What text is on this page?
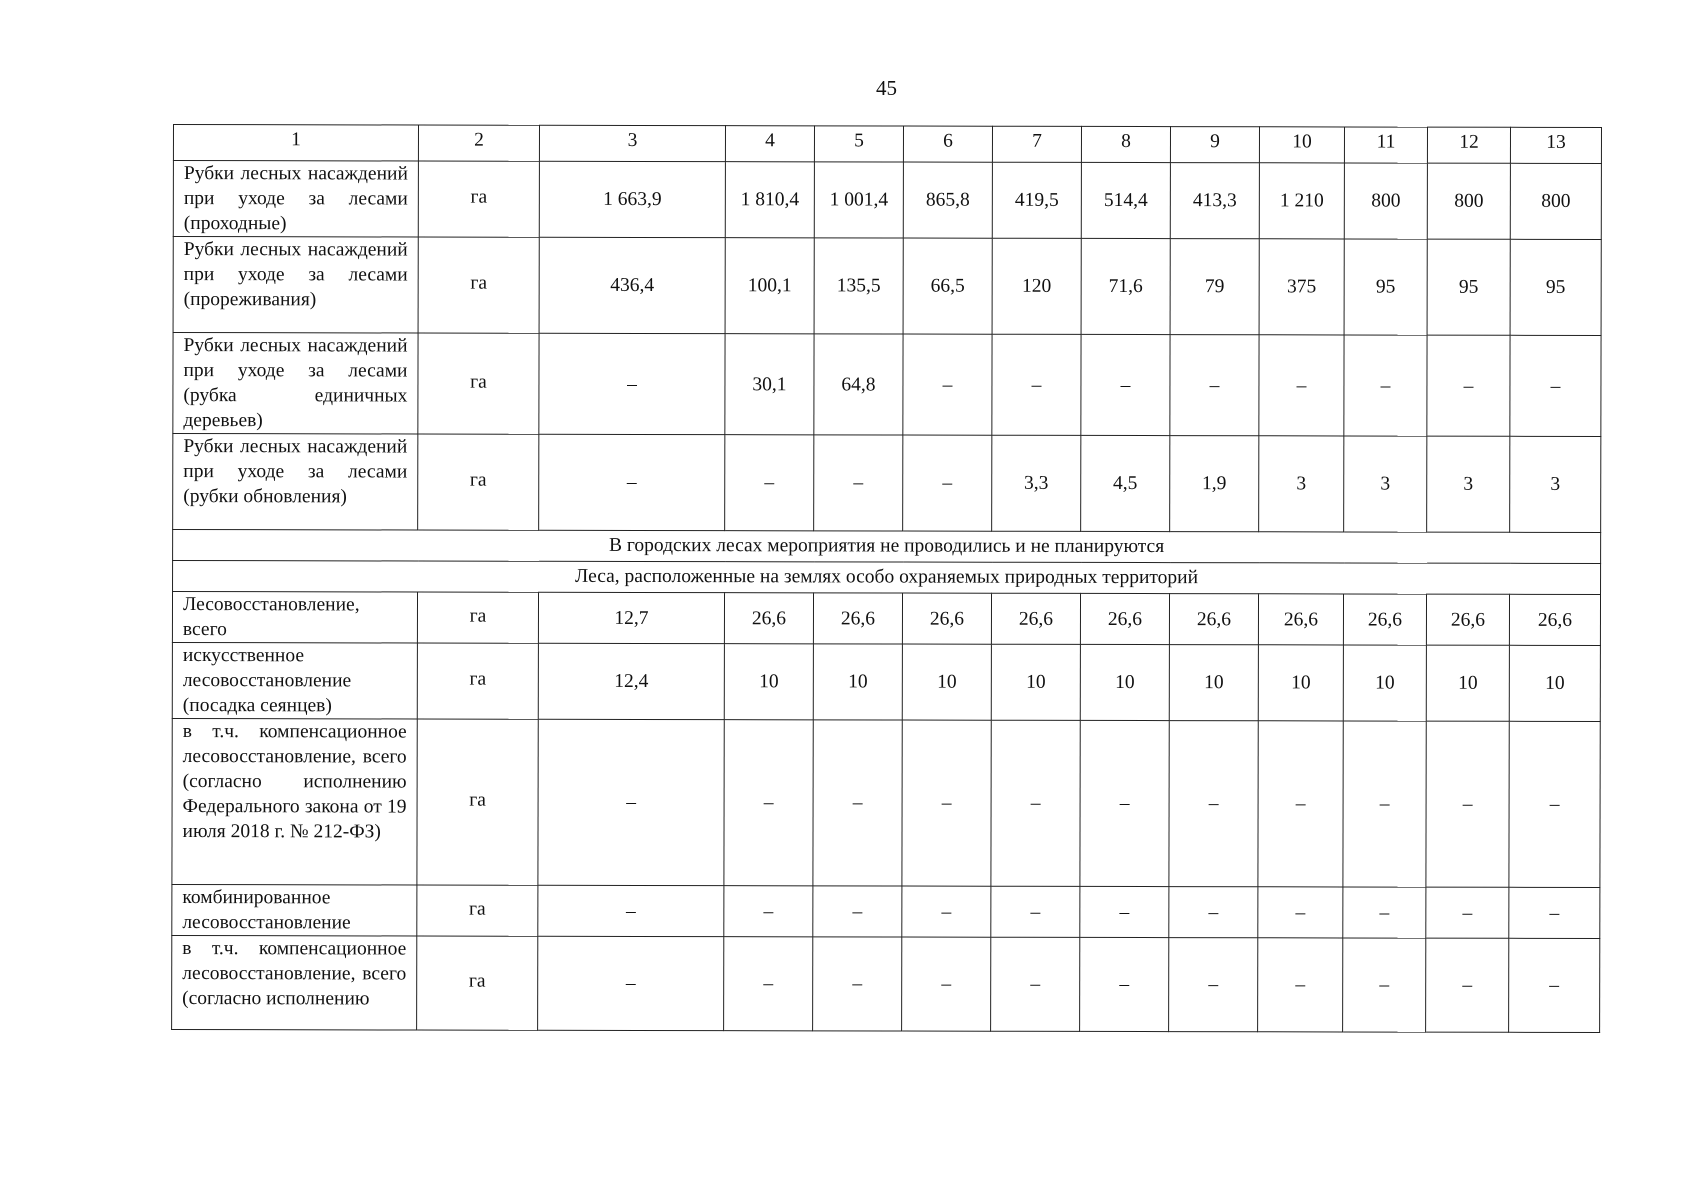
45
1	2	3	4	5	6	7	8	9	10	11	12	13
Рубки лесных насаждений при уходе за лесами (проходные)	га	1 663,9	1 810,4	1 001,4	865,8	419,5	514,4	413,3	1 210	800	800	800
Рубки лесных насаждений при уходе за лесами (прореживания)	га	436,4	100,1	135,5	66,5	120	71,6	79	375	95	95	95
Рубки лесных насаждений при уходе за лесами (рубка единичных деревьев)	га	–	30,1	64,8	–	–	–	–	–	–	–	–
Рубки лесных насаждений при уходе за лесами (рубки обновления)	га	–	–	–	–	3,3	4,5	1,9	3	3	3	3
В городских лесах мероприятия не проводились и не планируются												
Леса, расположенные на землях особо охраняемых природных территорий												
Лесовосстановление, всего	га	12,7	26,6	26,6	26,6	26,6	26,6	26,6	26,6	26,6	26,6	26,6
искусственное лесовосстановление (посадка сеянцев)	га	12,4	10	10	10	10	10	10	10	10	10	10
в т.ч. компенсационное лесовосстановление, всего (согласно исполнению Федерального закона от 19 июля 2018 г. № 212-ФЗ)	га	–	–	–	–	–	–	–	–	–	–	–
комбинированное лесовосстановление	га	–	–	–	–	–	–	–	–	–	–	–
в т.ч. компенсационное лесовосстановление, всего (согласно исполнению	га	–	–	–	–	–	–	–	–	–	–	–
